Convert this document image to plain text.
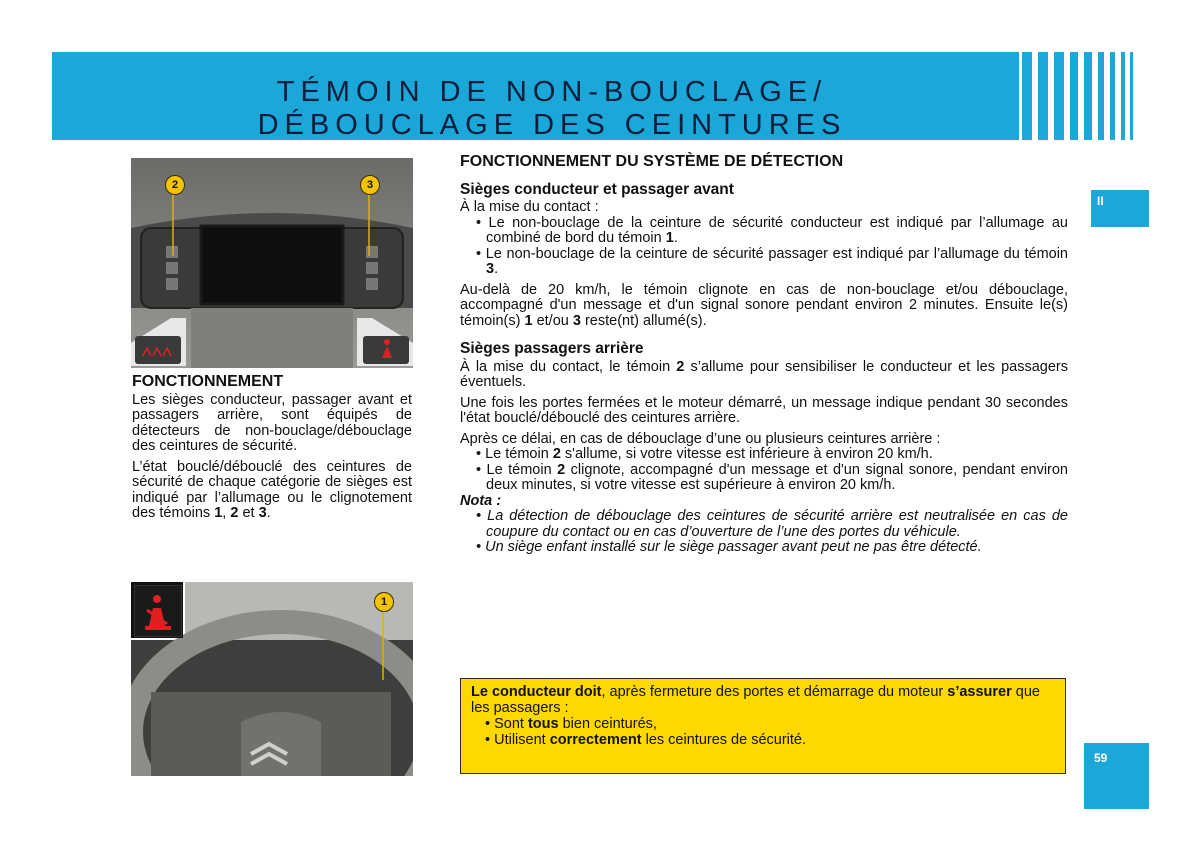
TÉMOIN DE NON-BOUCLAGE/
DÉBOUCLAGE DES CEINTURES
II
59
2	3
1

FONCTIONNEMENT

Les sièges conducteur, passager avant et passagers arrière, sont équipés de détecteurs de non-bouclage/débouclage des ceintures de sécurité.

L’état bouclé/débouclé des ceintures de sécurité de chaque catégorie de sièges est indiqué par l’allumage ou le clignotement des témoins 1, 2 et 3.

FONCTIONNEMENT DU SYSTÈME DE DÉTECTION

Sièges conducteur et passager avant

À la mise du contact :

• Le non-bouclage de la ceinture de sécurité conducteur est indiqué par l’allumage au combiné de bord du témoin 1.

• Le non-bouclage de la ceinture de sécurité passager est indiqué par l’allumage du témoin 3.

Au-delà de 20 km/h, le témoin clignote en cas de non-bouclage et/ou débouclage, accompagné d'un message et d'un signal sonore pendant environ 2 minutes. Ensuite le(s) témoin(s) 1 et/ou 3 reste(nt) allumé(s).

Sièges passagers arrière

À la mise du contact, le témoin 2 s’allume pour sensibiliser le conducteur et les passagers éventuels.

Une fois les portes fermées et le moteur démarré, un message indique pendant 30 secondes l'état bouclé/débouclé des ceintures arrière.

Après ce délai, en cas de débouclage d’une ou plusieurs ceintures arrière :

• Le témoin 2 s'allume, si votre vitesse est inférieure à environ 20 km/h.

• Le témoin 2 clignote, accompagné d'un message et d'un signal sonore, pendant environ deux minutes, si votre vitesse est supérieure à environ 20 km/h.

Nota :

• La détection de débouclage des ceintures de sécurité arrière est neutralisée en cas de coupure du contact ou en cas d’ouverture de l’une des portes du véhicule.

• Un siège enfant installé sur le siège passager avant peut ne pas être détecté.

Le conducteur doit, après fermeture des portes et démarrage du moteur s’assurer que les passagers :

• Sont tous bien ceinturés,

• Utilisent correctement les ceintures de sécurité.
